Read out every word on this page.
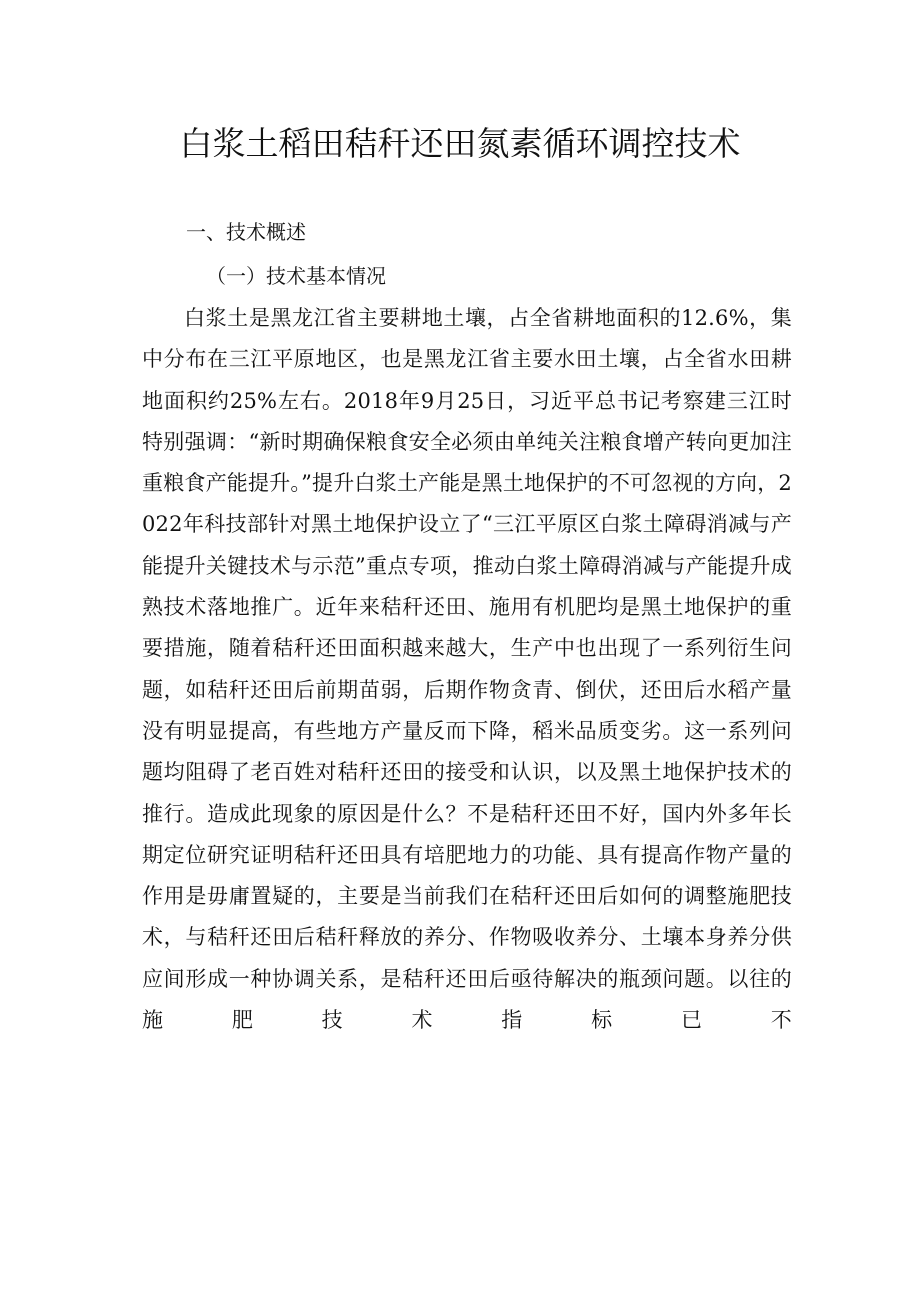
白浆土稻田秸秆还田氮素循环调控技术

一、技术概述

（一）技术基本情况

白浆土是黑龙江省主要耕地土壤，占全省耕地面积的12.6%，集中分布在三江平原地区，也是黑龙江省主要水田土壤，占全省水田耕地面积约25%左右。2018年9月25日，习近平总书记考察建三江时特别强调：“新时期确保粮食安全必须由单纯关注粮食增产转向更加注重粮食产能提升。”提升白浆土产能是黑土地保护的不可忽视的方向，2022年科技部针对黑土地保护设立了“三江平原区白浆土障碍消减与产能提升关键技术与示范”重点专项，推动白浆土障碍消减与产能提升成熟技术落地推广。近年来秸秆还田、施用有机肥均是黑土地保护的重要措施，随着秸秆还田面积越来越大，生产中也出现了一系列衍生问题，如秸秆还田后前期苗弱，后期作物贪青、倒伏，还田后水稻产量没有明显提高，有些地方产量反而下降，稻米品质变劣。这一系列问题均阻碍了老百姓对秸秆还田的接受和认识，以及黑土地保护技术的推行。造成此现象的原因是什么？不是秸秆还田不好，国内外多年长期定位研究证明秸秆还田具有培肥地力的功能、具有提高作物产量的作用是毋庸置疑的，主要是当前我们在秸秆还田后如何的调整施肥技术，与秸秆还田后秸秆释放的养分、作物吸收养分、土壤本身养分供应间形成一种协调关系，是秸秆还田后亟待解决的瓶颈问题。以往的施肥技术指标已不
